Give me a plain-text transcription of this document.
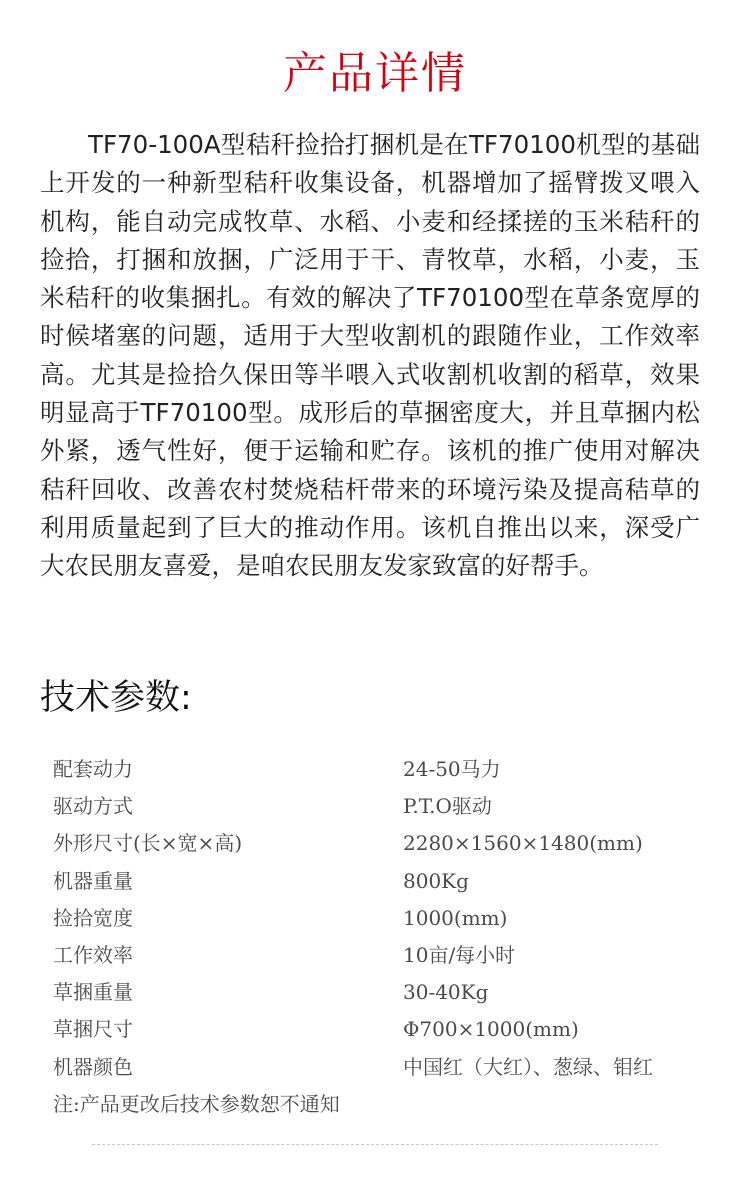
产品详情

TF70-100A型秸秆捡拾打捆机是在TF70100机型的基础上开发的一种新型秸秆收集设备，机器增加了摇臂拨叉喂入机构，能自动完成牧草、水稻、小麦和经揉搓的玉米秸秆的捡拾，打捆和放捆，广泛用于干、青牧草，水稻，小麦，玉米秸秆的收集捆扎。有效的解决了TF70100型在草条宽厚的时候堵塞的问题，适用于大型收割机的跟随作业，工作效率高。尤其是捡拾久保田等半喂入式收割机收割的稻草，效果明显高于TF70100型。成形后的草捆密度大，并且草捆内松外紧，透气性好，便于运输和贮存。该机的推广使用对解决秸秆回收、改善农村焚烧秸杆带来的环境污染及提高秸草的利用质量起到了巨大的推动作用。该机自推出以来，深受广大农民朋友喜爱，是咱农民朋友发家致富的好帮手。

技术参数:
配套动力	24-50马力
驱动方式	P.T.O驱动
外形尺寸(长×宽×高)	2280×1560×1480(mm)
机器重量	800Kg
捡拾宽度	1000(mm)
工作效率	10亩/每小时
草捆重量	30-40Kg
草捆尺寸	Φ700×1000(mm)
机器颜色	中国红（大红）、葱绿、钼红
注:产品更改后技术参数恕不通知
